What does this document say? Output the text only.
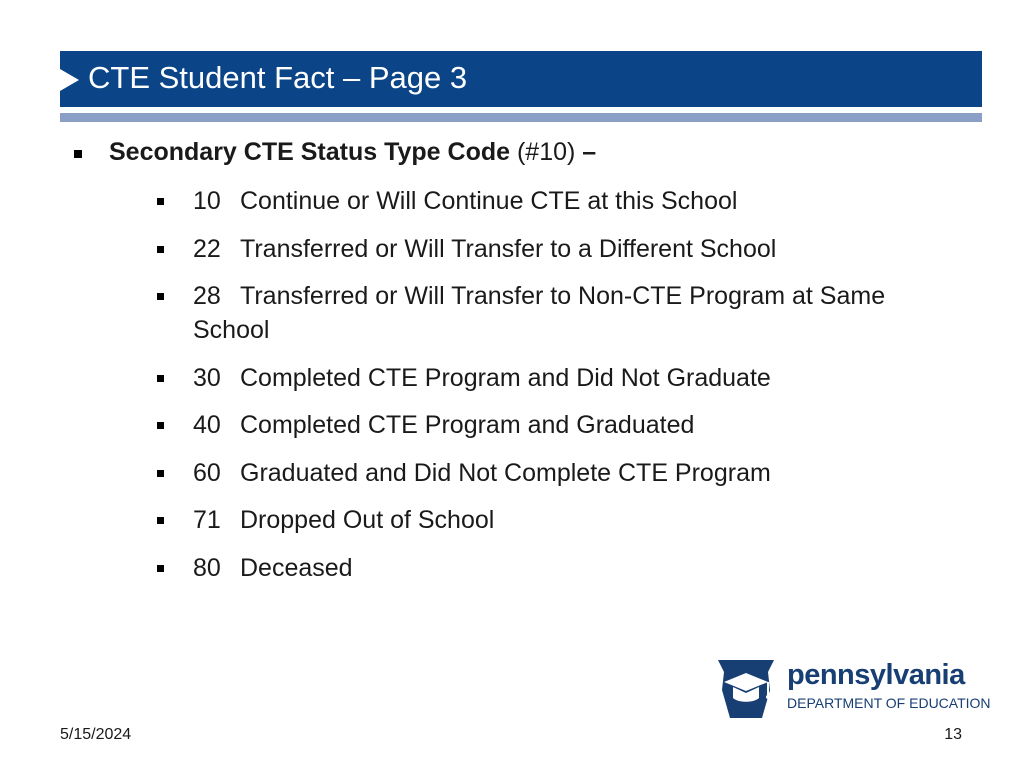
CTE Student Fact – Page 3
Secondary CTE Status Type Code (#10) –
10 Continue or Will Continue CTE at this School
22 Transferred or Will Transfer to a Different School
28 Transferred or Will Transfer to Non-CTE Program at Same School
30 Completed CTE Program and Did Not Graduate
40 Completed CTE Program and Graduated
60 Graduated and Did Not Complete CTE Program
71 Dropped Out of School
80 Deceased
pennsylvania
DEPARTMENT OF EDUCATION
5/15/2024	13
